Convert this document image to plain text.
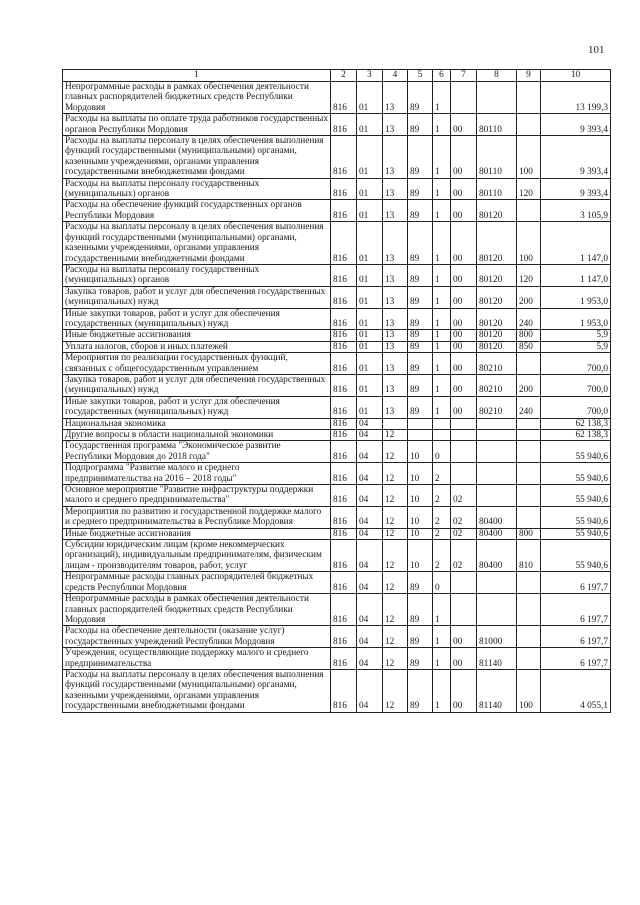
101
1	2	3	4	5	6	7	8	9	10
Непрограммные расходы в рамках обеспечения деятельности главных распорядителей бюджетных средств Республики Мордовия	816	01	13	89	1				13 199,3
Расходы на выплаты по оплате труда работников государственных органов Республики Мордовия	816	01	13	89	1	00	80110		9 393,4
Расходы на выплаты персоналу в целях обеспечения выполнения функций государственными (муниципальными) органами, казенными учреждениями, органами управления государственными внебюджетными фондами	816	01	13	89	1	00	80110	100	9 393,4
Расходы на выплаты персоналу государственных (муниципальных) органов	816	01	13	89	1	00	80110	120	9 393,4
Расходы на обеспечение функций государственных органов Республики Мордовия	816	01	13	89	1	00	80120		3 105,9
Расходы на выплаты персоналу в целях обеспечения выполнения функций государственными (муниципальными) органами, казенными учреждениями, органами управления государственными внебюджетными фондами	816	01	13	89	1	00	80120	100	1 147,0
Расходы на выплаты персоналу государственных (муниципальных) органов	816	01	13	89	1	00	80120	120	1 147,0
Закупка товаров, работ и услуг для обеспечения государственных (муниципальных) нужд	816	01	13	89	1	00	80120	200	1 953,0
Иные закупки товаров, работ и услуг для обеспечения государственных (муниципальных) нужд	816	01	13	89	1	00	80120	240	1 953,0
Иные бюджетные ассигнования	816	01	13	89	1	00	80120	800	5,9
Уплата налогов, сборов и иных платежей	816	01	13	89	1	00	80120	850	5,9
Мероприятия по реализации государственных функций, связанных с общегосударственным управлением	816	01	13	89	1	00	80210		700,0
Закупка товаров, работ и услуг для обеспечения государственных (муниципальных) нужд	816	01	13	89	1	00	80210	200	700,0
Иные закупки товаров, работ и услуг для обеспечения государственных (муниципальных) нужд	816	01	13	89	1	00	80210	240	700,0
Национальная экономика	816	04							62 138,3
Другие вопросы в области национальной экономики	816	04	12						62 138,3
Государственная программа "Экономическое развитие Республики Мордовия до 2018 года"	816	04	12	10	0				55 940,6
Подпрограмма "Развитие малого и среднего предпринимательства на 2016 – 2018 годы"	816	04	12	10	2				55 940,6
Основное мероприятие "Развитие инфраструктуры поддержки малого и среднего предпринимательства"	816	04	12	10	2	02			55 940,6
Мероприятия по развитию и государственной поддержке малого и среднего предпринимательства в Республике Мордовия	816	04	12	10	2	02	80400		55 940,6
Иные бюджетные ассигнования	816	04	12	10	2	02	80400	800	55 940,6
Субсидии юридическим лицам (кроме некоммерческих организаций), индивидуальным предпринимателям, физическим лицам - производителям товаров, работ, услуг	816	04	12	10	2	02	80400	810	55 940,6
Непрограммные расходы главных распорядителей бюджетных средств Республики Мордовия	816	04	12	89	0				6 197,7
Непрограммные расходы в рамках обеспечения деятельности главных распорядителей бюджетных средств Республики Мордовия	816	04	12	89	1				6 197,7
Расходы на обеспечение деятельности (оказание услуг) государственных учреждений Республики Мордовия	816	04	12	89	1	00	81000		6 197,7
Учреждения, осуществляющие поддержку малого и среднего предпринимательства	816	04	12	89	1	00	81140		6 197,7
Расходы на выплаты персоналу в целях обеспечения выполнения функций государственными (муниципальными) органами, казенными учреждениями, органами управления государственными внебюджетными фондами	816	04	12	89	1	00	81140	100	4 055,1
